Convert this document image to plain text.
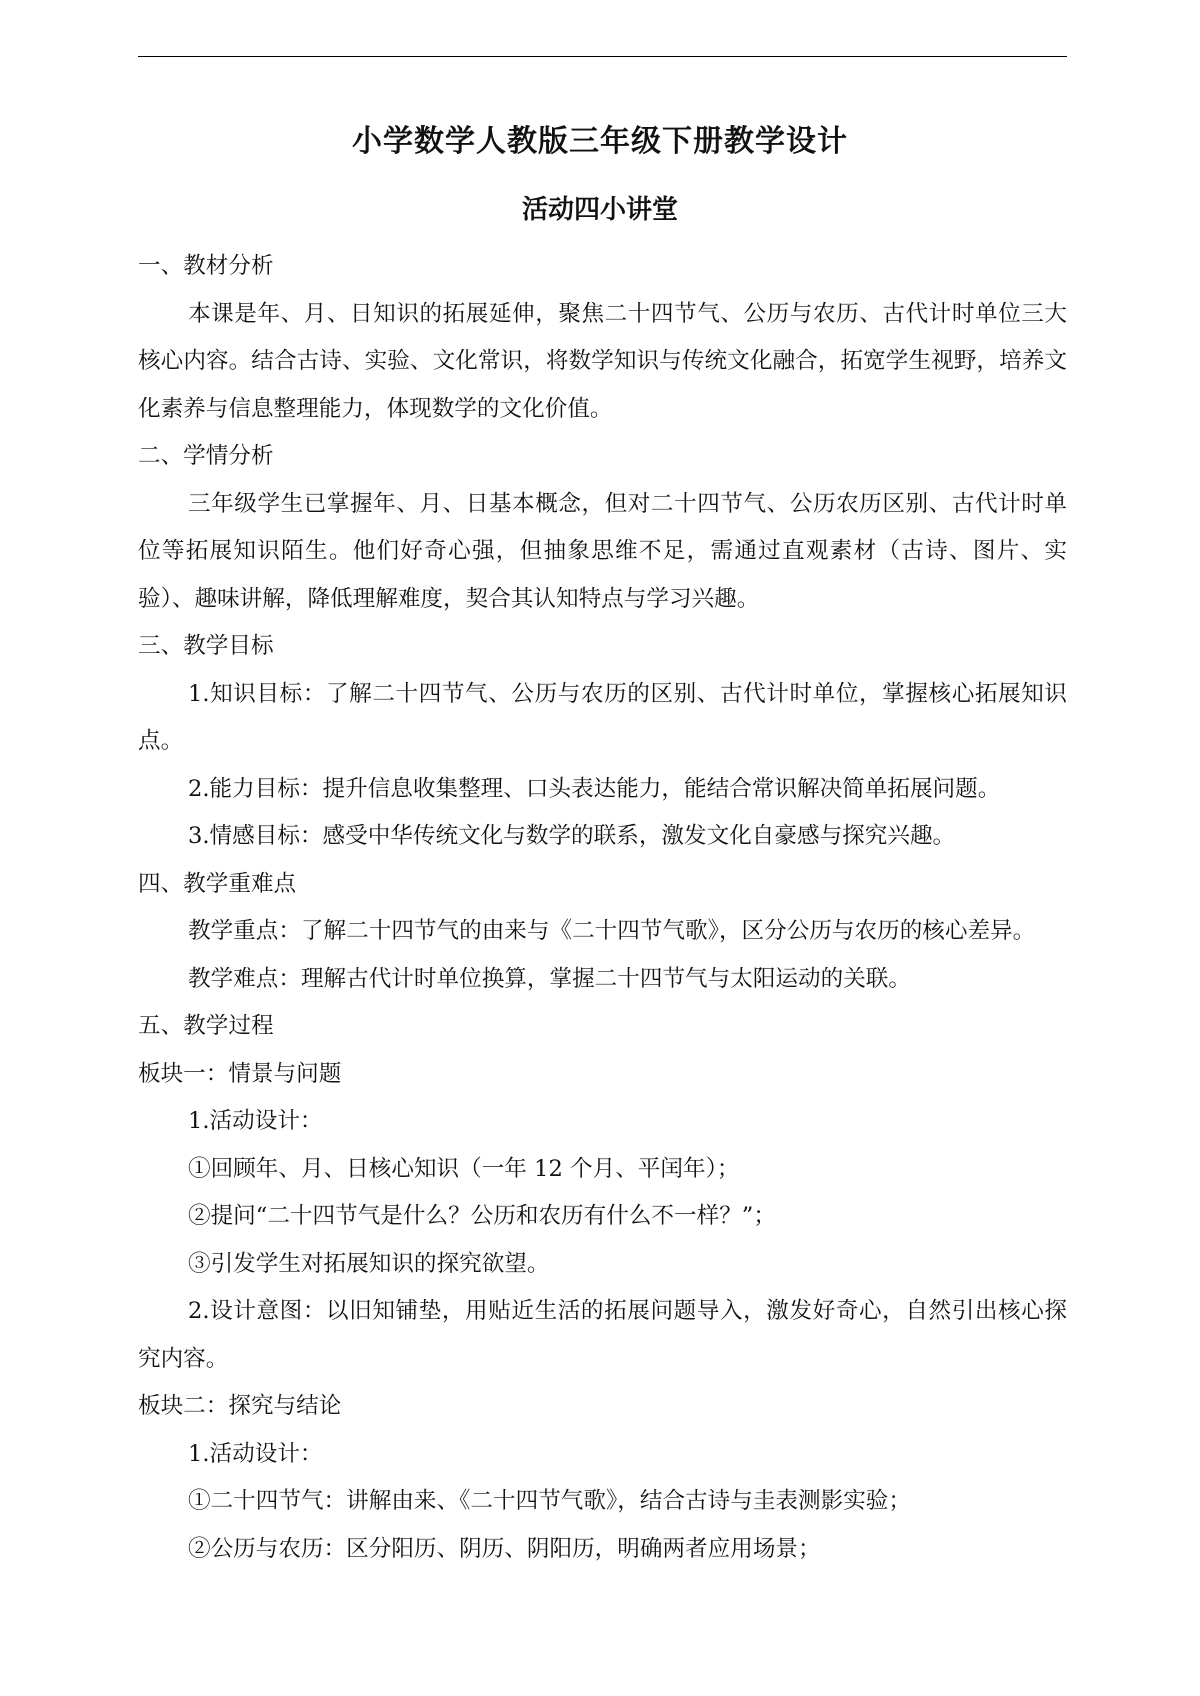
小学数学人教版三年级下册教学设计
活动四小讲堂

一、教材分析

本课是年、月、日知识的拓展延伸，聚焦二十四节气、公历与农历、古代计时单位三大核心内容。结合古诗、实验、文化常识，将数学知识与传统文化融合，拓宽学生视野，培养文化素养与信息整理能力，体现数学的文化价值。

二、学情分析

三年级学生已掌握年、月、日基本概念，但对二十四节气、公历农历区别、古代计时单位等拓展知识陌生。他们好奇心强，但抽象思维不足，需通过直观素材（古诗、图片、实验）、趣味讲解，降低理解难度，契合其认知特点与学习兴趣。

三、教学目标

1.知识目标：了解二十四节气、公历与农历的区别、古代计时单位，掌握核心拓展知识点。

2.能力目标：提升信息收集整理、口头表达能力，能结合常识解决简单拓展问题。

3.情感目标：感受中华传统文化与数学的联系，激发文化自豪感与探究兴趣。

四、教学重难点

教学重点：了解二十四节气的由来与《二十四节气歌》，区分公历与农历的核心差异。

教学难点：理解古代计时单位换算，掌握二十四节气与太阳运动的关联。

五、教学过程

板块一：情景与问题

1.活动设计：

①回顾年、月、日核心知识（一年 12 个月、平闰年）；

②提问“二十四节气是什么？公历和农历有什么不一样？”；

③引发学生对拓展知识的探究欲望。

2.设计意图：以旧知铺垫，用贴近生活的拓展问题导入，激发好奇心，自然引出核心探究内容。

板块二：探究与结论

1.活动设计：

①二十四节气：讲解由来、《二十四节气歌》，结合古诗与圭表测影实验；

②公历与农历：区分阳历、阴历、阴阳历，明确两者应用场景；
